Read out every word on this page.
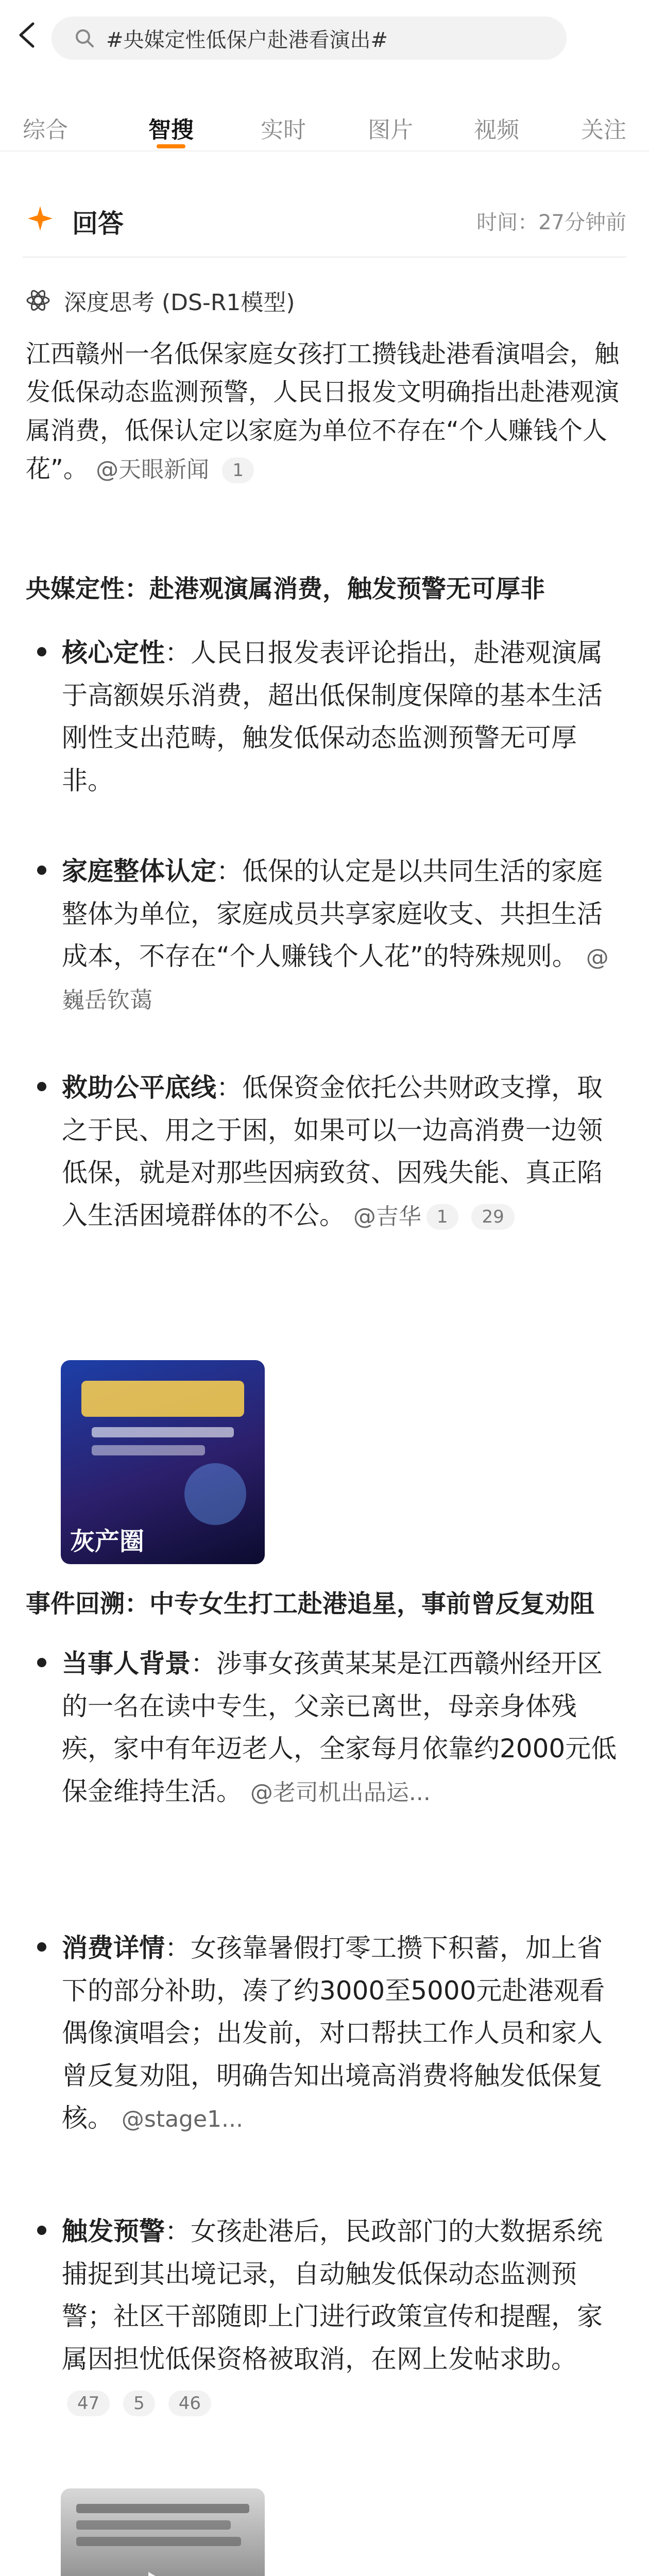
#央媒定性低保户赴港看演出#
综合	智搜	实时	图片	视频	关注
回答	时间：27分钟前
深度思考 (DS-R1模型)
江西赣州一名低保家庭女孩打工攒钱赴港看演唱会，触发低保动态监测预警，人民日报发文明确指出赴港观演属消费，低保认定以家庭为单位不存在“个人赚钱个人花”。 @天眼新闻 1
央媒定性：赴港观演属消费，触发预警无可厚非
核心定性：人民日报发表评论指出，赴港观演属于高额娱乐消费，超出低保制度保障的基本生活刚性支出范畴，触发低保动态监测预警无可厚非。
家庭整体认定：低保的认定是以共同生活的家庭整体为单位，家庭成员共享家庭收支、共担生活成本，不存在“个人赚钱个人花”的特殊规则。 @巍岳钦蔼
救助公平底线：低保资金依托公共财政支撑，取之于民、用之于困，如果可以一边高消费一边领低保，就是对那些因病致贫、因残失能、真正陷入生活困境群体的不公。 @吉华 1 29
灰产圈
事件回溯：中专女生打工赴港追星，事前曾反复劝阻
当事人背景：涉事女孩黄某某是江西赣州经开区的一名在读中专生，父亲已离世，母亲身体残疾，家中有年迈老人，全家每月依靠约2000元低保金维持生活。 @老司机出品运...
消费详情：女孩靠暑假打零工攒下积蓄，加上省下的部分补助，凑了约3000至5000元赴港观看偶像演唱会；出发前，对口帮扶工作人员和家人曾反复劝阻，明确告知出境高消费将触发低保复核。 @stage1...
触发预警：女孩赴港后，民政部门的大数据系统捕捉到其出境记录，自动触发低保动态监测预警；社区干部随即上门进行政策宣传和提醒，家属因担忧低保资格被取消，在网上发帖求助。47 5 46
